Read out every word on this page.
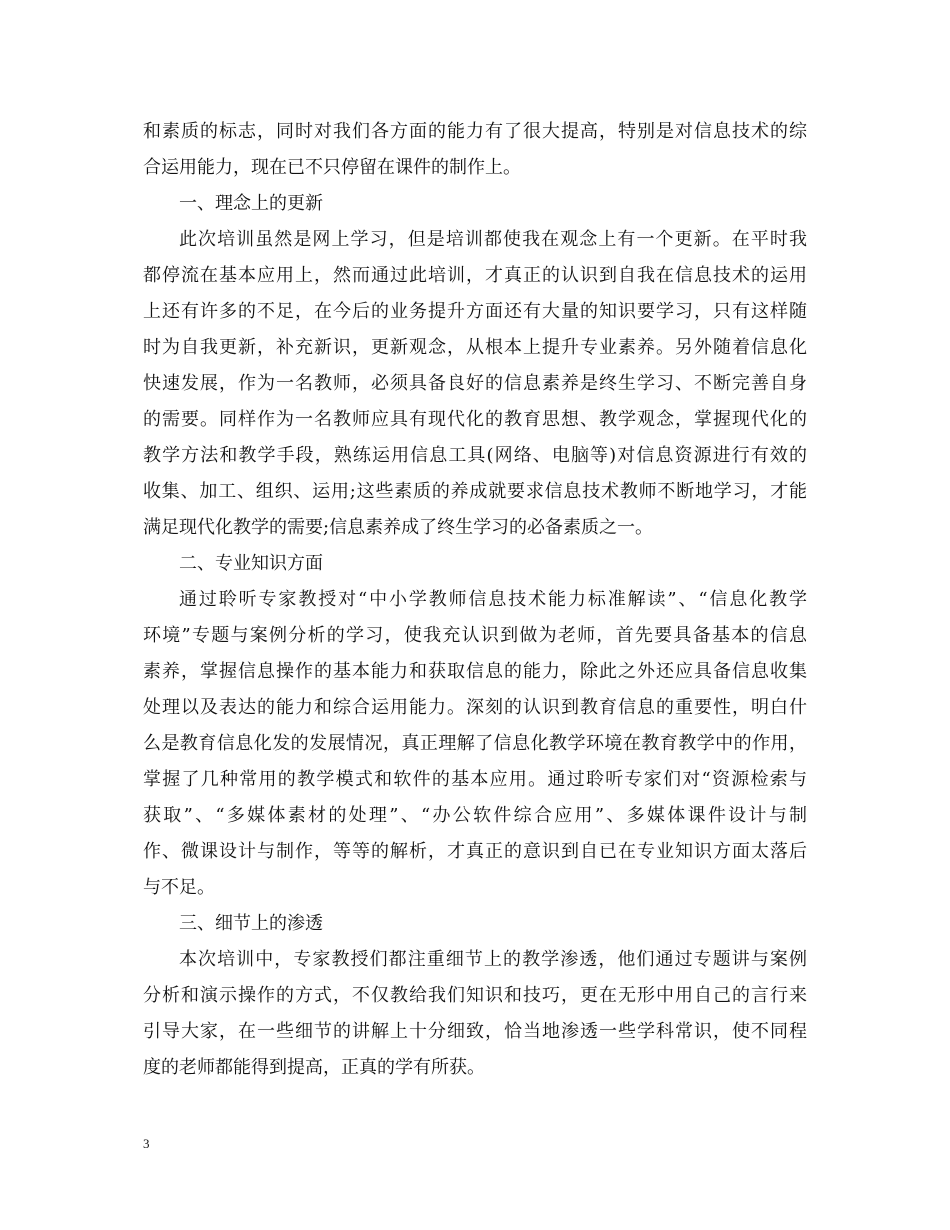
和素质的标志，同时对我们各方面的能力有了很大提高，特别是对信息技术的综
合运用能力，现在已不只停留在课件的制作上。
一、理念上的更新
此次培训虽然是网上学习，但是培训都使我在观念上有一个更新。在平时我
都停流在基本应用上，然而通过此培训，才真正的认识到自我在信息技术的运用
上还有许多的不足，在今后的业务提升方面还有大量的知识要学习，只有这样随
时为自我更新，补充新识，更新观念，从根本上提升专业素养。另外随着信息化
快速发展，作为一名教师，必须具备良好的信息素养是终生学习、不断完善自身
的需要。同样作为一名教师应具有现代化的教育思想、教学观念，掌握现代化的
教学方法和教学手段，熟练运用信息工具(网络、电脑等)对信息资源进行有效的
收集、加工、组织、运用;这些素质的养成就要求信息技术教师不断地学习，才能
满足现代化教学的需要;信息素养成了终生学习的必备素质之一。
二、专业知识方面
通过聆听专家教授对“中小学教师信息技术能力标准解读”、“信息化教学
环境”专题与案例分析的学习，使我充认识到做为老师，首先要具备基本的信息
素养，掌握信息操作的基本能力和获取信息的能力，除此之外还应具备信息收集
处理以及表达的能力和综合运用能力。深刻的认识到教育信息的重要性，明白什
么是教育信息化发的发展情况，真正理解了信息化教学环境在教育教学中的作用，
掌握了几种常用的教学模式和软件的基本应用。通过聆听专家们对“资源检索与
获取”、“多媒体素材的处理”、“办公软件综合应用”、多媒体课件设计与制
作、微课设计与制作，等等的解析，才真正的意识到自已在专业知识方面太落后
与不足。
三、细节上的渗透
本次培训中，专家教授们都注重细节上的教学渗透，他们通过专题讲与案例
分析和演示操作的方式，不仅教给我们知识和技巧，更在无形中用自己的言行来
引导大家，在一些细节的讲解上十分细致，恰当地渗透一些学科常识，使不同程
度的老师都能得到提高，正真的学有所获。
3
